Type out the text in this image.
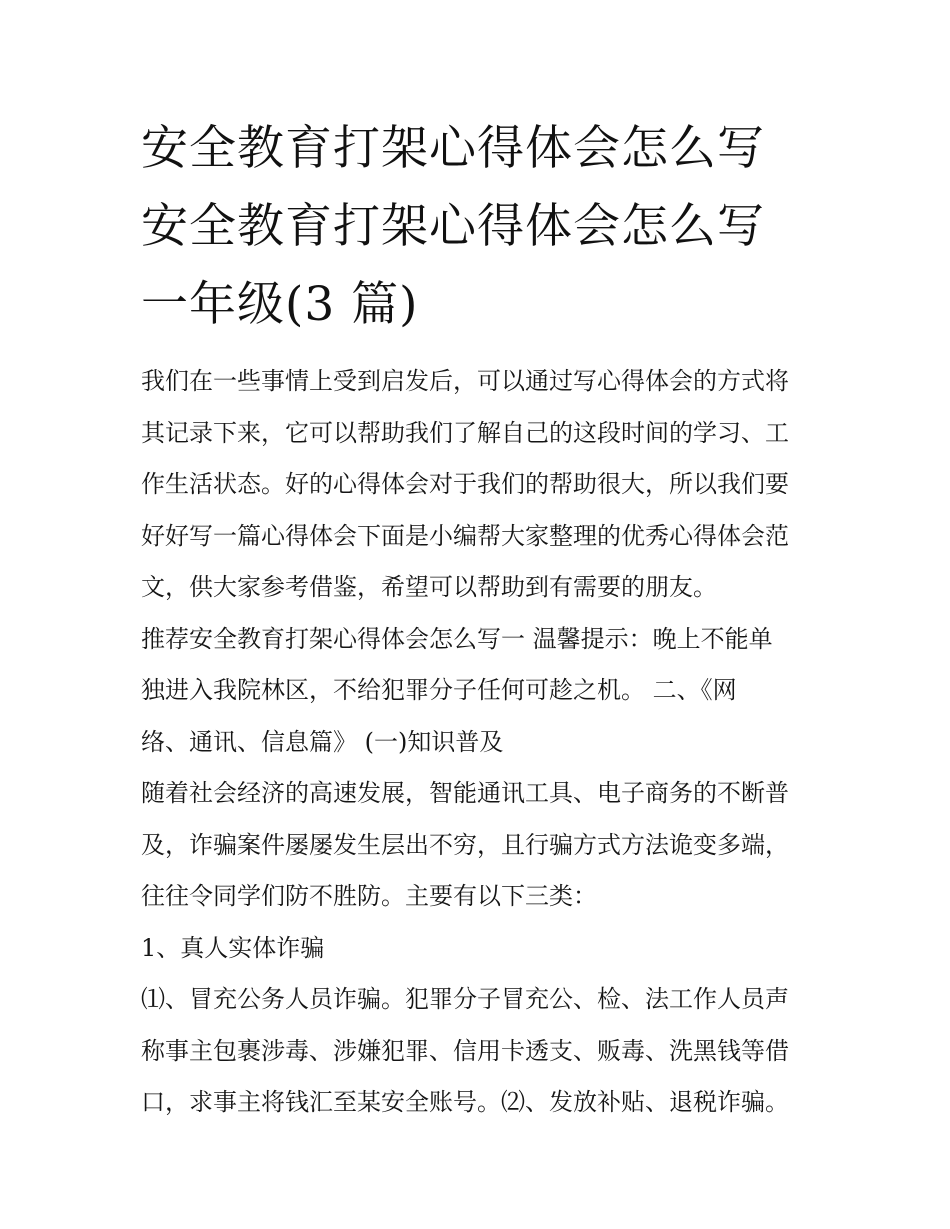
安全教育打架心得体会怎么写
安全教育打架心得体会怎么写
一年级(3 篇)

我们在一些事情上受到启发后，可以通过写心得体会的方式将
其记录下来，它可以帮助我们了解自己的这段时间的学习、工
作生活状态。好的心得体会对于我们的帮助很大，所以我们要
好好写一篇心得体会下面是小编帮大家整理的优秀心得体会范
文，供大家参考借鉴，希望可以帮助到有需要的朋友。

推荐安全教育打架心得体会怎么写一 温馨提示：晚上不能单
独进入我院林区，不给犯罪分子任何可趁之机。 二、《网
络、通讯、信息篇》 (一)知识普及

随着社会经济的高速发展，智能通讯工具、电子商务的不断普
及，诈骗案件屡屡发生层出不穷，且行骗方式方法诡变多端，
往往令同学们防不胜防。主要有以下三类：

1、真人实体诈骗

⑴、冒充公务人员诈骗。犯罪分子冒充公、检、法工作人员声
称事主包裹涉毒、涉嫌犯罪、信用卡透支、贩毒、洗黑钱等借
口，求事主将钱汇至某安全账号。⑵、发放补贴、退税诈骗。
